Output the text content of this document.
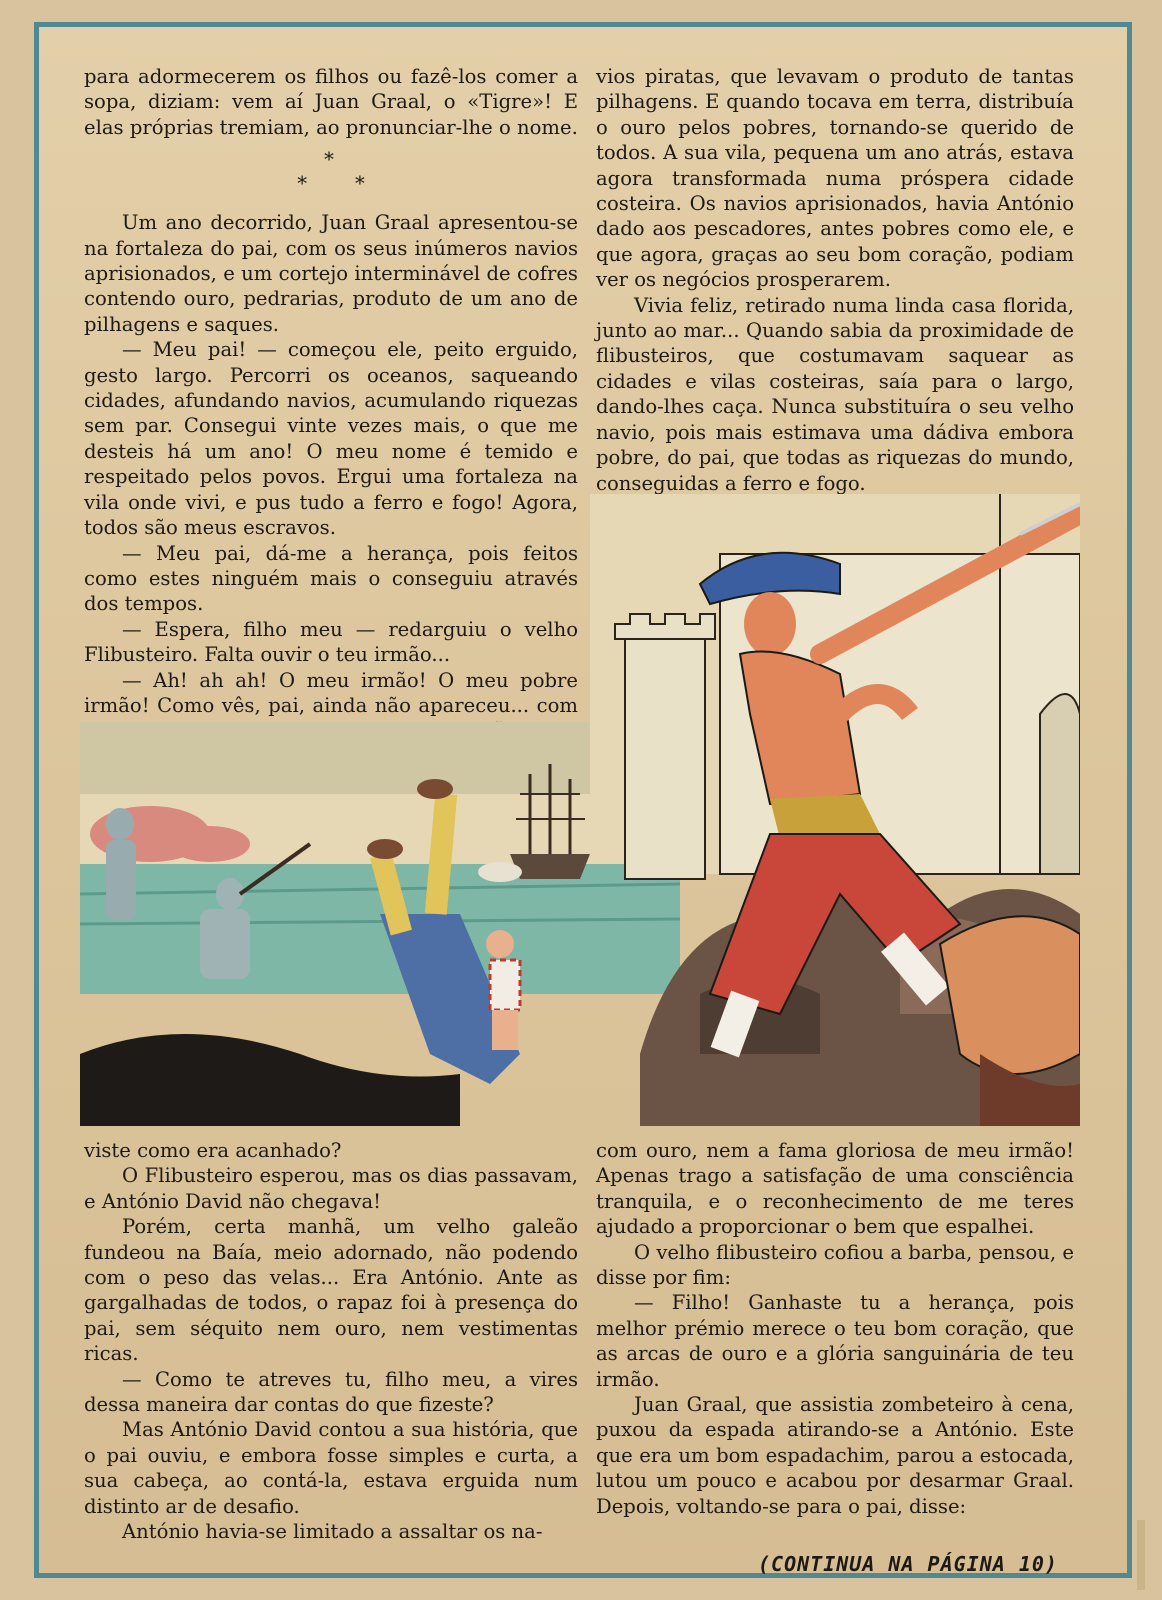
para adormecerem os filhos ou fazê-los comer a sopa, diziam: vem aí Juan Graal, o «Tigre»! E elas próprias tremiam, ao pronunciar-lhe o nome.

*
**

Um ano decorrido, Juan Graal apresentou-se na fortaleza do pai, com os seus inúmeros navios aprisionados, e um cortejo interminável de cofres contendo ouro, pedrarias, produto de um ano de pilhagens e saques.

— Meu pai! — começou ele, peito erguido, gesto largo. Percorri os oceanos, saqueando cidades, afundando navios, acumulando riquezas sem par. Consegui vinte vezes mais, o que me desteis há um ano! O meu nome é temido e respeitado pelos povos. Ergui uma fortaleza na vila onde vivi, e pus tudo a ferro e fogo! Agora, todos são meus escravos.

— Meu pai, dá-me a herança, pois feitos como estes ninguém mais o conseguiu através dos tempos.

— Espera, filho meu — redarguiu o velho Flibusteiro. Falta ouvir o teu irmão...

— Ah! ah ah! O meu irmão! O meu pobre irmão! Como vês, pai, ainda não apareceu... com

vios piratas, que levavam o produto de tantas pilhagens. E quando tocava em terra, distribuía o ouro pelos pobres, tornando-se querido de todos. A sua vila, pequena um ano atrás, estava agora transformada numa próspera cidade costeira. Os navios aprisionados, havia António dado aos pescadores, antes pobres como ele, e que agora, graças ao seu bom coração, podiam ver os negócios prosperarem.

Vivia feliz, retirado numa linda casa florida, junto ao mar... Quando sabia da proximidade de flibusteiros, que costumavam saquear as cidades e vilas costeiras, saía para o largo, dando-lhes caça. Nunca substituíra o seu velho navio, pois mais estimava uma dádiva embora pobre, do pai, que todas as riquezas do mundo, conseguidas a ferro e fogo.

viste como era acanhado?

O Flibusteiro esperou, mas os dias passavam, e António David não chegava!

Porém, certa manhã, um velho galeão fundeou na Baía, meio adornado, não podendo com o peso das velas... Era António. Ante as gargalhadas de todos, o rapaz foi à presença do pai, sem séquito nem ouro, nem vestimentas ricas.

— Como te atreves tu, filho meu, a vires dessa maneira dar contas do que fizeste?

Mas António David contou a sua história, que o pai ouviu, e embora fosse simples e curta, a sua cabeça, ao contá-la, estava erguida num distinto ar de desafio.

António havia-se limitado a assaltar os na-

com ouro, nem a fama gloriosa de meu irmão! Apenas trago a satisfação de uma consciência tranquila, e o reconhecimento de me teres ajudado a proporcionar o bem que espalhei.

O velho flibusteiro cofiou a barba, pensou, e disse por fim:

— Filho! Ganhaste tu a herança, pois melhor prémio merece o teu bom coração, que as arcas de ouro e a glória sanguinária de teu irmão.

Juan Graal, que assistia zombeteiro à cena, puxou da espada atirando-se a António. Este que era um bom espadachim, parou a estocada, lutou um pouco e acabou por desarmar Graal. Depois, voltando-se para o pai, disse:

(CONTINUA NA PÁGINA 10)
